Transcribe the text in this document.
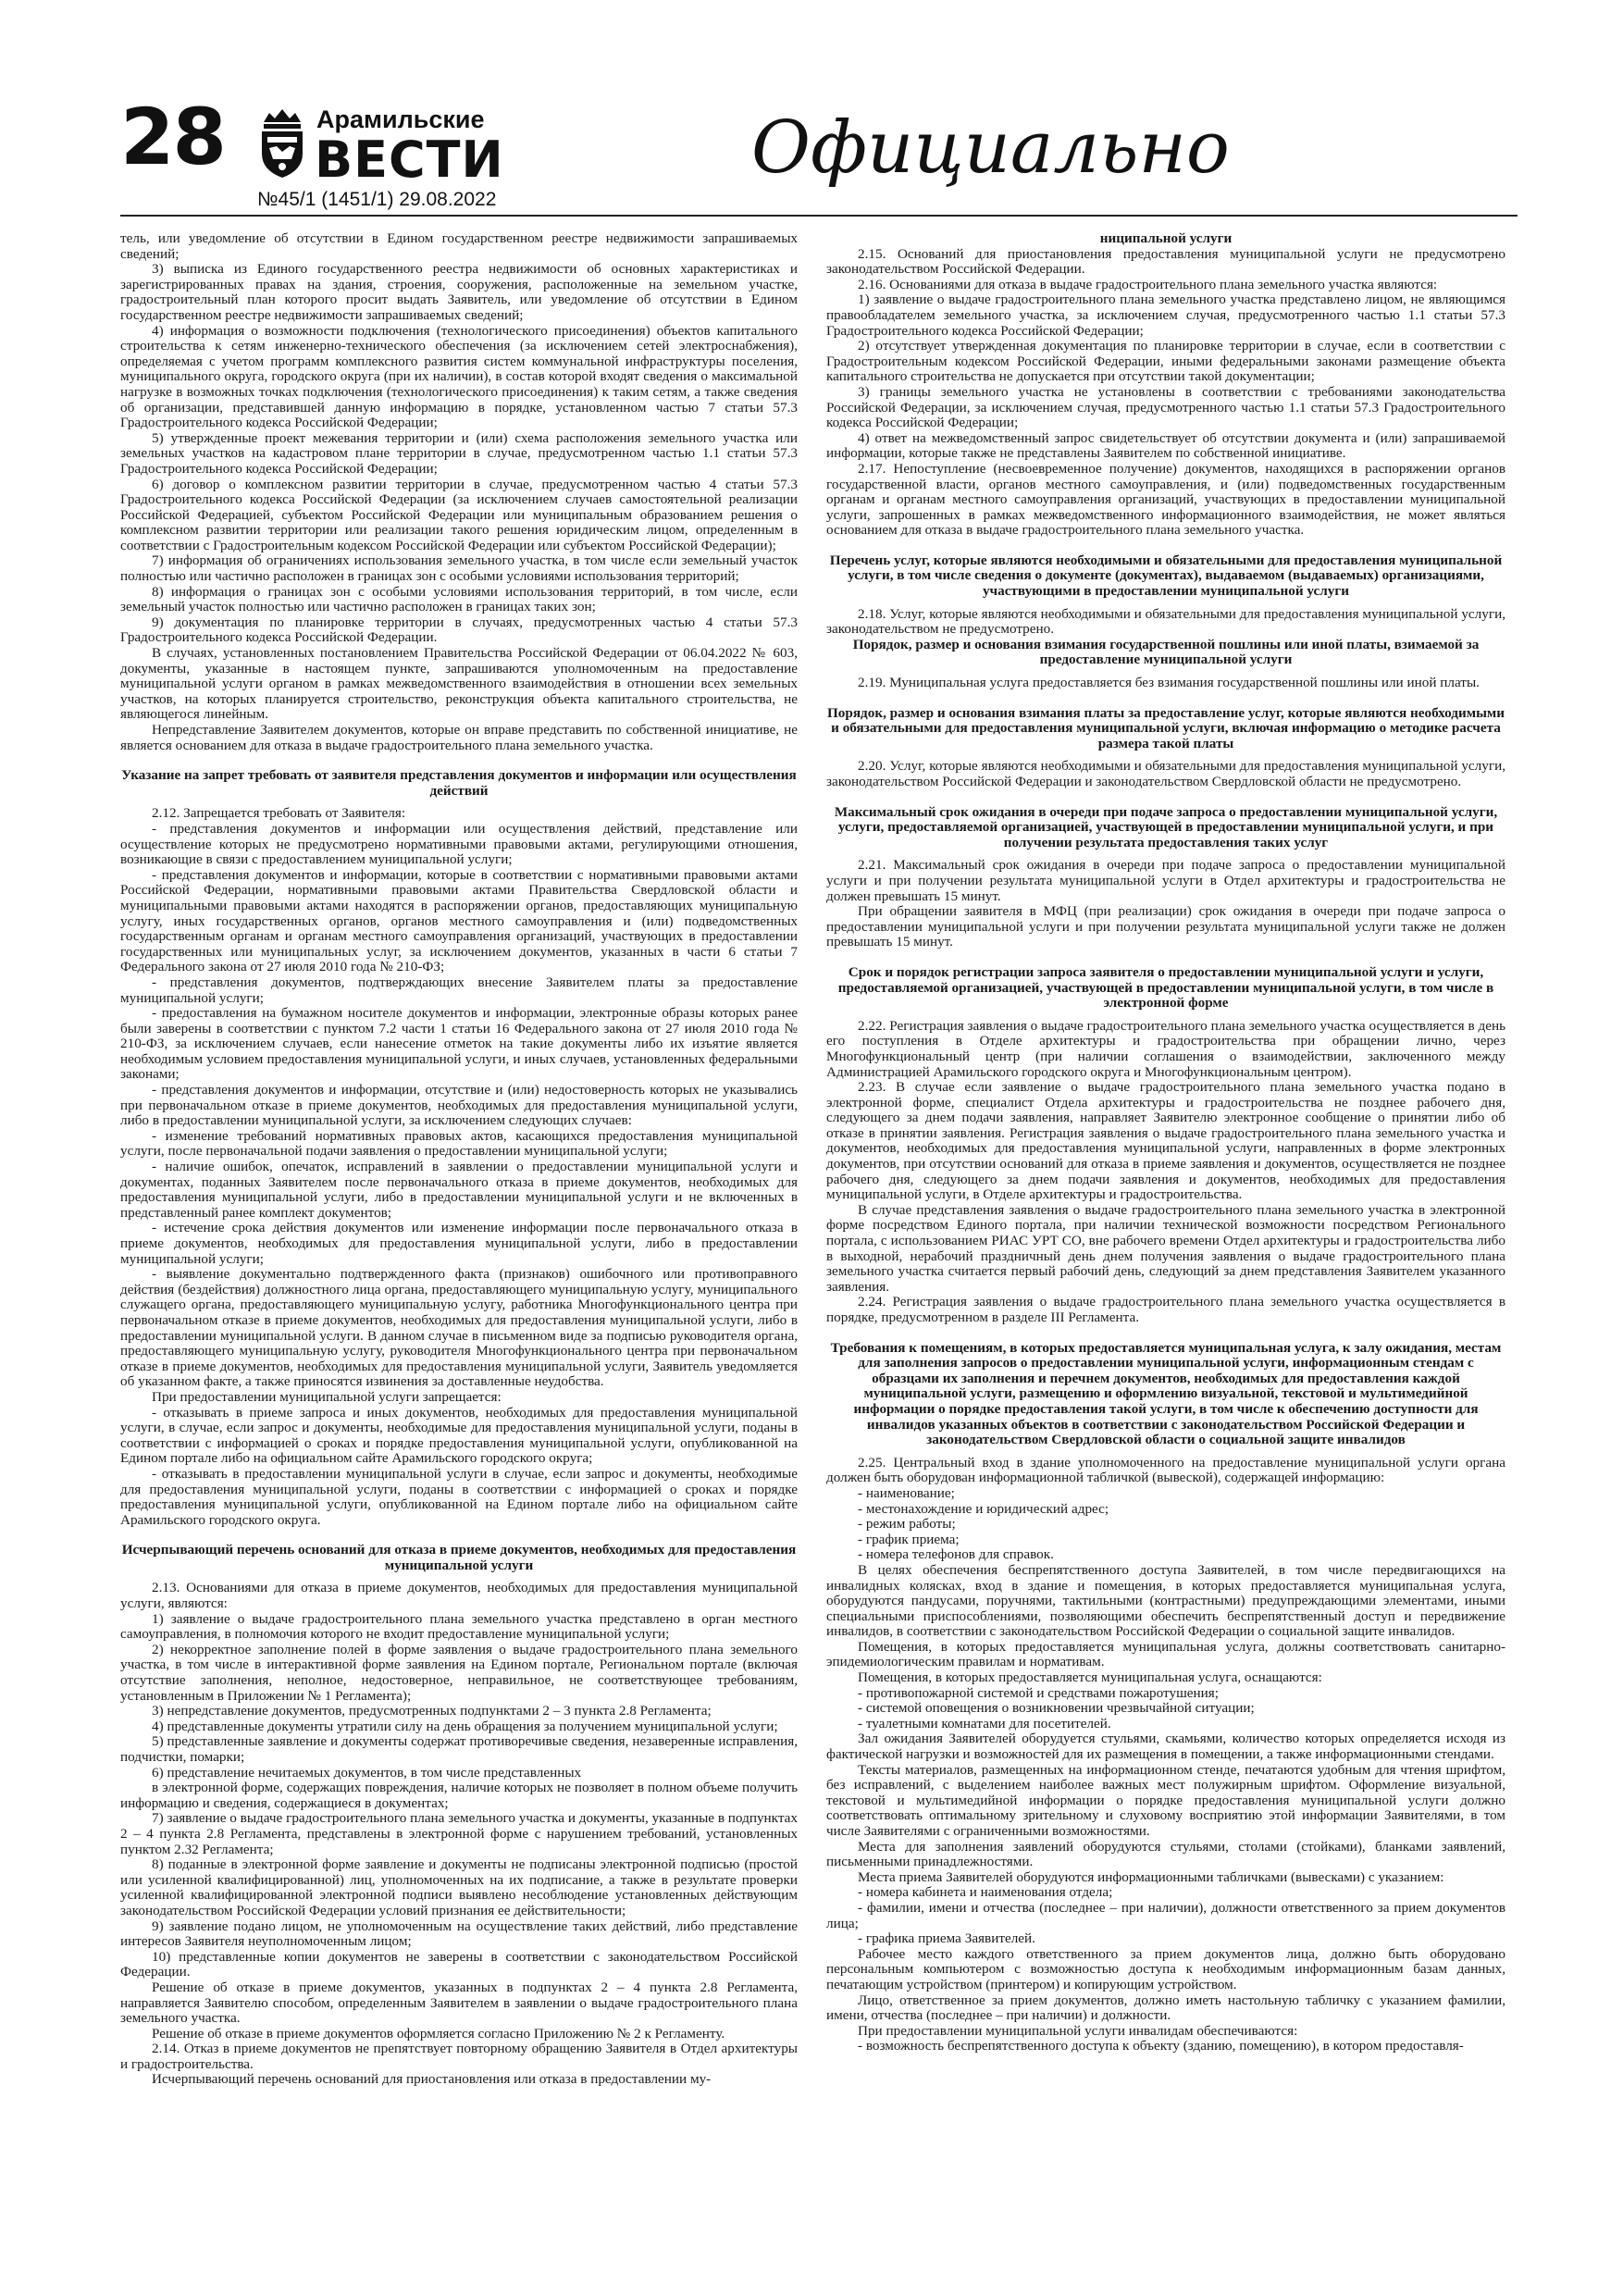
28	Арамильские
ВЕСТИ
№45/1 (1451/1) 29.08.2022
Официально

тель, или уведомление об отсутствии в Едином государственном реестре недвижимости запрашиваемых сведений;

3) выписка из Единого государственного реестра недвижимости об основных характеристиках и зарегистрированных правах на здания, строения, сооружения, расположенные на земельном участке, градостроительный план которого просит выдать Заявитель, или уведомление об отсутствии в Едином государственном реестре недвижимости запрашиваемых сведений;

4) информация о возможности подключения (технологического присоединения) объектов капитального строительства к сетям инженерно-технического обеспечения (за исключением сетей электроснабжения), определяемая с учетом программ комплексного развития систем коммунальной инфраструктуры поселения, муниципального округа, городского округа (при их наличии), в состав которой входят сведения о максимальной нагрузке в возможных точках подключения (технологического присоединения) к таким сетям, а также сведения об организации, представившей данную информацию в порядке, установленном частью 7 статьи 57.3 Градостроительного кодекса Российской Федерации;

5) утвержденные проект межевания территории и (или) схема расположения земельного участка или земельных участков на кадастровом плане территории в случае, предусмотренном частью 1.1 статьи 57.3 Градостроительного кодекса Российской Федерации;

6) договор о комплексном развитии территории в случае, предусмотренном частью 4 статьи 57.3 Градостроительного кодекса Российской Федерации (за исключением случаев самостоятельной реализации Российской Федерацией, субъектом Российской Федерации или муниципальным образованием решения о комплексном развитии территории или реализации такого решения юридическим лицом, определенным в соответствии с Градостроительным кодексом Российской Федерации или субъектом Российской Федерации);

7) информация об ограничениях использования земельного участка, в том числе если земельный участок полностью или частично расположен в границах зон с особыми условиями использования территорий;

8) информация о границах зон с особыми условиями использования территорий, в том числе, если земельный участок полностью или частично расположен в границах таких зон;

9) документация по планировке территории в случаях, предусмотренных частью 4 статьи 57.3 Градостроительного кодекса Российской Федерации.

В случаях, установленных постановлением Правительства Российской Федерации от 06.04.2022 № 603, документы, указанные в настоящем пункте, запрашиваются уполномоченным на предоставление муниципальной услуги органом в рамках межведомственного взаимодействия в отношении всех земельных участков, на которых планируется строительство, реконструкция объекта капитального строительства, не являющегося линейным.

Непредставление Заявителем документов, которые он вправе представить по собственной инициативе, не является основанием для отказа в выдаче градостроительного плана земельного участка.

Указание на запрет требовать от заявителя представления документов и информации или осуществления действий

2.12. Запрещается требовать от Заявителя:

- представления документов и информации или осуществления действий, представление или осуществление которых не предусмотрено нормативными правовыми актами, регулирующими отношения, возникающие в связи с предоставлением муниципальной услуги;

- представления документов и информации, которые в соответствии с нормативными правовыми актами Российской Федерации, нормативными правовыми актами Правительства Свердловской области и муниципальными правовыми актами находятся в распоряжении органов, предоставляющих муниципальную услугу, иных государственных органов, органов местного самоуправления и (или) подведомственных государственным органам и органам местного самоуправления организаций, участвующих в предоставлении государственных или муниципальных услуг, за исключением документов, указанных в части 6 статьи 7 Федерального закона от 27 июля 2010 года № 210-ФЗ;

- представления документов, подтверждающих внесение Заявителем платы за предоставление муниципальной услуги;

- предоставления на бумажном носителе документов и информации, электронные образы которых ранее были заверены в соответствии с пунктом 7.2 части 1 статьи 16 Федерального закона от 27 июля 2010 года № 210-ФЗ, за исключением случаев, если нанесение отметок на такие документы либо их изъятие является необходимым условием предоставления муниципальной услуги, и иных случаев, установленных федеральными законами;

- представления документов и информации, отсутствие и (или) недостоверность которых не указывались при первоначальном отказе в приеме документов, необходимых для предоставления муниципальной услуги, либо в предоставлении муниципальной услуги, за исключением следующих случаев:

- изменение требований нормативных правовых актов, касающихся предоставления муниципальной услуги, после первоначальной подачи заявления о предоставлении муниципальной услуги;

- наличие ошибок, опечаток, исправлений в заявлении о предоставлении муниципальной услуги и документах, поданных Заявителем после первоначального отказа в приеме документов, необходимых для предоставления муниципальной услуги, либо в предоставлении муниципальной услуги и не включенных в представленный ранее комплект документов;

- истечение срока действия документов или изменение информации после первоначального отказа в приеме документов, необходимых для предоставления муниципальной услуги, либо в предоставлении муниципальной услуги;

- выявление документально подтвержденного факта (признаков) ошибочного или противоправного действия (бездействия) должностного лица органа, предоставляющего муниципальную услугу, муниципального служащего органа, предоставляющего муниципальную услугу, работника Многофункционального центра при первоначальном отказе в приеме документов, необходимых для предоставления муниципальной услуги, либо в предоставлении муниципальной услуги. В данном случае в письменном виде за подписью руководителя органа, предоставляющего муниципальную услугу, руководителя Многофункционального центра при первоначальном отказе в приеме документов, необходимых для предоставления муниципальной услуги, Заявитель уведомляется об указанном факте, а также приносятся извинения за доставленные неудобства.

При предоставлении муниципальной услуги запрещается:

- отказывать в приеме запроса и иных документов, необходимых для предоставления муниципальной услуги, в случае, если запрос и документы, необходимые для предоставления муниципальной услуги, поданы в соответствии с информацией о сроках и порядке предоставления муниципальной услуги, опубликованной на Едином портале либо на официальном сайте Арамильского городского округа;

- отказывать в предоставлении муниципальной услуги в случае, если запрос и документы, необходимые для предоставления муниципальной услуги, поданы в соответствии с информацией о сроках и порядке предоставления муниципальной услуги, опубликованной на Едином портале либо на официальном сайте Арамильского городского округа.

Исчерпывающий перечень оснований для отказа в приеме документов, необходимых для предоставления муниципальной услуги

2.13. Основаниями для отказа в приеме документов, необходимых для предоставления муниципальной услуги, являются:

1) заявление о выдаче градостроительного плана земельного участка представлено в орган местного самоуправления, в полномочия которого не входит предоставление муниципальной услуги;

2) некорректное заполнение полей в форме заявления о выдаче градостроительного плана земельного участка, в том числе в интерактивной форме заявления на Едином портале, Региональном портале (включая отсутствие заполнения, неполное, недостоверное, неправильное, не соответствующее требованиям, установленным в Приложении № 1 Регламента);

3) непредставление документов, предусмотренных подпунктами 2 – 3 пункта 2.8 Регламента;

4) представленные документы утратили силу на день обращения за получением муниципальной услуги;

5) представленные заявление и документы содержат противоречивые сведения, незаверенные исправления, подчистки, помарки;

6) представление нечитаемых документов, в том числе представленных

в электронной форме, содержащих повреждения, наличие которых не позволяет в полном объеме получить информацию и сведения, содержащиеся в документах;

7) заявление о выдаче градостроительного плана земельного участка и документы, указанные в подпунктах 2 – 4 пункта 2.8 Регламента, представлены в электронной форме с нарушением требований, установленных пунктом 2.32 Регламента;

8) поданные в электронной форме заявление и документы не подписаны электронной подписью (простой или усиленной квалифицированной) лиц, уполномоченных на их подписание, а также в результате проверки усиленной квалифицированной электронной подписи выявлено несоблюдение установленных действующим законодательством Российской Федерации условий признания ее действительности;

9) заявление подано лицом, не уполномоченным на осуществление таких действий, либо представление интересов Заявителя неуполномоченным лицом;

10) представленные копии документов не заверены в соответствии с законодательством Российской Федерации.

Решение об отказе в приеме документов, указанных в подпунктах 2 – 4 пункта 2.8 Регламента, направляется Заявителю способом, определенным Заявителем в заявлении о выдаче градостроительного плана земельного участка.

Решение об отказе в приеме документов оформляется согласно Приложению № 2 к Регламенту.

2.14. Отказ в приеме документов не препятствует повторному обращению Заявителя в Отдел архитектуры и градостроительства.

Исчерпывающий перечень оснований для приостановления или отказа в предоставлении му-

ниципальной услуги

2.15. Оснований для приостановления предоставления муниципальной услуги не предусмотрено законодательством Российской Федерации.

2.16. Основаниями для отказа в выдаче градостроительного плана земельного участка являются:

1) заявление о выдаче градостроительного плана земельного участка представлено лицом, не являющимся правообладателем земельного участка, за исключением случая, предусмотренного частью 1.1 статьи 57.3 Градостроительного кодекса Российской Федерации;

2) отсутствует утвержденная документация по планировке территории в случае, если в соответствии с Градостроительным кодексом Российской Федерации, иными федеральными законами размещение объекта капитального строительства не допускается при отсутствии такой документации;

3) границы земельного участка не установлены в соответствии с требованиями законодательства Российской Федерации, за исключением случая, предусмотренного частью 1.1 статьи 57.3 Градостроительного кодекса Российской Федерации;

4) ответ на межведомственный запрос свидетельствует об отсутствии документа и (или) запрашиваемой информации, которые также не представлены Заявителем по собственной инициативе.

2.17. Непоступление (несвоевременное получение) документов, находящихся в распоряжении органов государственной власти, органов местного самоуправления, и (или) подведомственных государственным органам и органам местного самоуправления организаций, участвующих в предоставлении муниципальной услуги, запрошенных в рамках межведомственного информационного взаимодействия, не может являться основанием для отказа в выдаче градостроительного плана земельного участка.

Перечень услуг, которые являются необходимыми и обязательными для предоставления муниципальной услуги, в том числе сведения о документе (документах), выдаваемом (выдаваемых) организациями, участвующими в предоставлении муниципальной услуги

2.18. Услуг, которые являются необходимыми и обязательными для предоставления муниципальной услуги, законодательством не предусмотрено.

Порядок, размер и основания взимания государственной пошлины или иной платы, взимаемой за предоставление муниципальной услуги

2.19. Муниципальная услуга предоставляется без взимания государственной пошлины или иной платы.

Порядок, размер и основания взимания платы за предоставление услуг, которые являются необходимыми и обязательными для предоставления муниципальной услуги, включая информацию о методике расчета размера такой платы

2.20. Услуг, которые являются необходимыми и обязательными для предоставления муниципальной услуги, законодательством Российской Федерации и законодательством Свердловской области не предусмотрено.

Максимальный срок ожидания в очереди при подаче запроса о предоставлении муниципальной услуги, услуги, предоставляемой организацией, участвующей в предоставлении муниципальной услуги, и при получении результата предоставления таких услуг

2.21. Максимальный срок ожидания в очереди при подаче запроса о предоставлении муниципальной услуги и при получении результата муниципальной услуги в Отдел архитектуры и градостроительства не должен превышать 15 минут.

При обращении заявителя в МФЦ (при реализации) срок ожидания в очереди при подаче запроса о предоставлении муниципальной услуги и при получении результата муниципальной услуги также не должен превышать 15 минут.

Срок и порядок регистрации запроса заявителя о предоставлении муниципальной услуги и услуги, предоставляемой организацией, участвующей в предоставлении муниципальной услуги, в том числе в электронной форме

2.22. Регистрация заявления о выдаче градостроительного плана земельного участка осуществляется в день его поступления в Отделе архитектуры и градостроительства при обращении лично, через Многофункциональный центр (при наличии соглашения о взаимодействии, заключенного между Администрацией Арамильского городского округа и Многофункциональным центром).

2.23. В случае если заявление о выдаче градостроительного плана земельного участка подано в электронной форме, специалист Отдела архитектуры и градостроительства не позднее рабочего дня, следующего за днем подачи заявления, направляет Заявителю электронное сообщение о принятии либо об отказе в принятии заявления. Регистрация заявления о выдаче градостроительного плана земельного участка и документов, необходимых для предоставления муниципальной услуги, направленных в форме электронных документов, при отсутствии оснований для отказа в приеме заявления и документов, осуществляется не позднее рабочего дня, следующего за днем подачи заявления и документов, необходимых для предоставления муниципальной услуги, в Отделе архитектуры и градостроительства.

В случае представления заявления о выдаче градостроительного плана земельного участка в электронной форме посредством Единого портала, при наличии технической возможности посредством Регионального портала, с использованием РИАС УРТ СО, вне рабочего времени Отдел архитектуры и градостроительства либо в выходной, нерабочий праздничный день днем получения заявления о выдаче градостроительного плана земельного участка считается первый рабочий день, следующий за днем представления Заявителем указанного заявления.

2.24. Регистрация заявления о выдаче градостроительного плана земельного участка осуществляется в порядке, предусмотренном в разделе III Регламента.

Требования к помещениям, в которых предоставляется муниципальная услуга, к залу ожидания, местам для заполнения запросов о предоставлении муниципальной услуги, информационным стендам с образцами их заполнения и перечнем документов, необходимых для предоставления каждой муниципальной услуги, размещению и оформлению визуальной, текстовой и мультимедийной информации о порядке предоставления такой услуги, в том числе к обеспечению доступности для инвалидов указанных объектов в соответствии с законодательством Российской Федерации и законодательством Свердловской области о социальной защите инвалидов

2.25. Центральный вход в здание уполномоченного на предоставление муниципальной услуги органа должен быть оборудован информационной табличкой (вывеской), содержащей информацию:

- наименование;

- местонахождение и юридический адрес;

- режим работы;

- график приема;

- номера телефонов для справок.

В целях обеспечения беспрепятственного доступа Заявителей, в том числе передвигающихся на инвалидных колясках, вход в здание и помещения, в которых предоставляется муниципальная услуга, оборудуются пандусами, поручнями, тактильными (контрастными) предупреждающими элементами, иными специальными приспособлениями, позволяющими обеспечить беспрепятственный доступ и передвижение инвалидов, в соответствии с законодательством Российской Федерации о социальной защите инвалидов.

Помещения, в которых предоставляется муниципальная услуга, должны соответствовать санитарно-эпидемиологическим правилам и нормативам.

Помещения, в которых предоставляется муниципальная услуга, оснащаются:

- противопожарной системой и средствами пожаротушения;

- системой оповещения о возникновении чрезвычайной ситуации;

- туалетными комнатами для посетителей.

Зал ожидания Заявителей оборудуется стульями, скамьями, количество которых определяется исходя из фактической нагрузки и возможностей для их размещения в помещении, а также информационными стендами.

Тексты материалов, размещенных на информационном стенде, печатаются удобным для чтения шрифтом, без исправлений, с выделением наиболее важных мест полужирным шрифтом. Оформление визуальной, текстовой и мультимедийной информации о порядке предоставления муниципальной услуги должно соответствовать оптимальному зрительному и слуховому восприятию этой информации Заявителями, в том числе Заявителями с ограниченными возможностями.

Места для заполнения заявлений оборудуются стульями, столами (стойками), бланками заявлений, письменными принадлежностями.

Места приема Заявителей оборудуются информационными табличками (вывесками) с указанием:

- номера кабинета и наименования отдела;

- фамилии, имени и отчества (последнее – при наличии), должности ответственного за прием документов лица;

- графика приема Заявителей.

Рабочее место каждого ответственного за прием документов лица, должно быть оборудовано персональным компьютером с возможностью доступа к необходимым информационным базам данных, печатающим устройством (принтером) и копирующим устройством.

Лицо, ответственное за прием документов, должно иметь настольную табличку с указанием фамилии, имени, отчества (последнее – при наличии) и должности.

При предоставлении муниципальной услуги инвалидам обеспечиваются:

- возможность беспрепятственного доступа к объекту (зданию, помещению), в котором предоставля-
